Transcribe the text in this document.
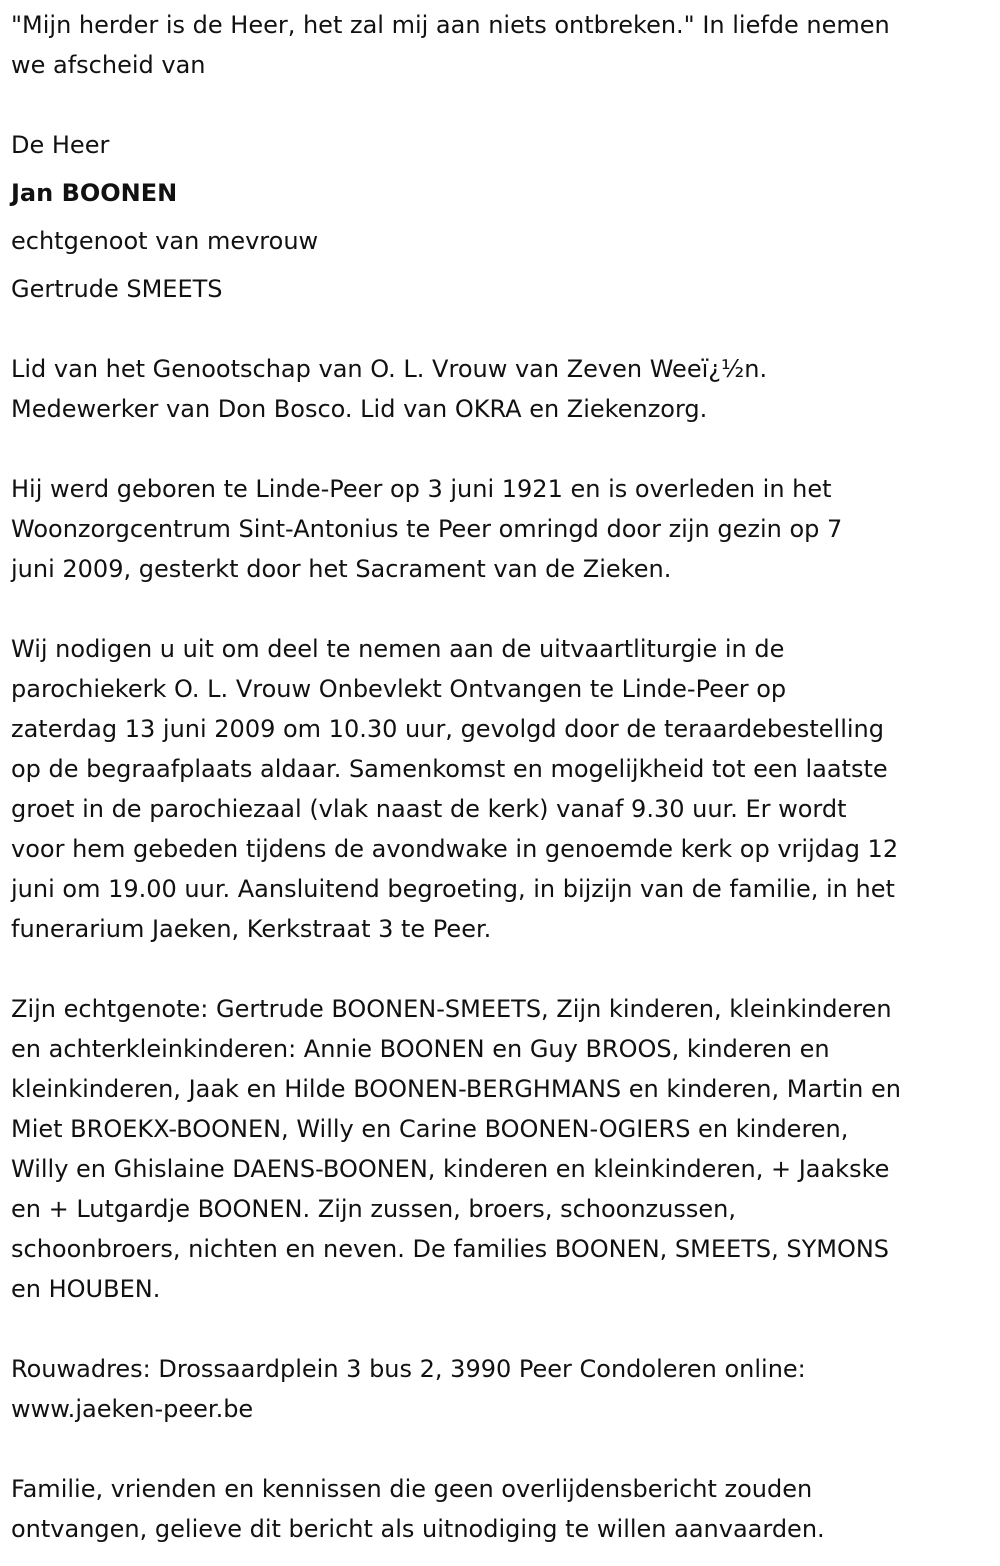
"Mijn herder is de Heer, het zal mij aan niets ontbreken." In liefde nemen
we afscheid van
De Heer
Jan BOONEN
echtgenoot van mevrouw
Gertrude SMEETS
Lid van het Genootschap van O. L. Vrouw van Zeven Weeï¿½n.
Medewerker van Don Bosco. Lid van OKRA en Ziekenzorg.
Hij werd geboren te Linde-Peer op 3 juni 1921 en is overleden in het
Woonzorgcentrum Sint-Antonius te Peer omringd door zijn gezin op 7
juni 2009, gesterkt door het Sacrament van de Zieken.
Wij nodigen u uit om deel te nemen aan de uitvaartliturgie in de
parochiekerk O. L. Vrouw Onbevlekt Ontvangen te Linde-Peer op
zaterdag 13 juni 2009 om 10.30 uur, gevolgd door de teraardebestelling
op de begraafplaats aldaar. Samenkomst en mogelijkheid tot een laatste
groet in de parochiezaal (vlak naast de kerk) vanaf 9.30 uur. Er wordt
voor hem gebeden tijdens de avondwake in genoemde kerk op vrijdag 12
juni om 19.00 uur. Aansluitend begroeting, in bijzijn van de familie, in het
funerarium Jaeken, Kerkstraat 3 te Peer.
Zijn echtgenote: Gertrude BOONEN-SMEETS, Zijn kinderen, kleinkinderen
en achterkleinkinderen: Annie BOONEN en Guy BROOS, kinderen en
kleinkinderen, Jaak en Hilde BOONEN-BERGHMANS en kinderen, Martin en
Miet BROEKX-BOONEN, Willy en Carine BOONEN-OGIERS en kinderen,
Willy en Ghislaine DAENS-BOONEN, kinderen en kleinkinderen, + Jaakske
en + Lutgardje BOONEN. Zijn zussen, broers, schoonzussen,
schoonbroers, nichten en neven. De families BOONEN, SMEETS, SYMONS
en HOUBEN.
Rouwadres: Drossaardplein 3 bus 2, 3990 Peer Condoleren online:
www.jaeken-peer.be
Familie, vrienden en kennissen die geen overlijdensbericht zouden
ontvangen, gelieve dit bericht als uitnodiging te willen aanvaarden.
